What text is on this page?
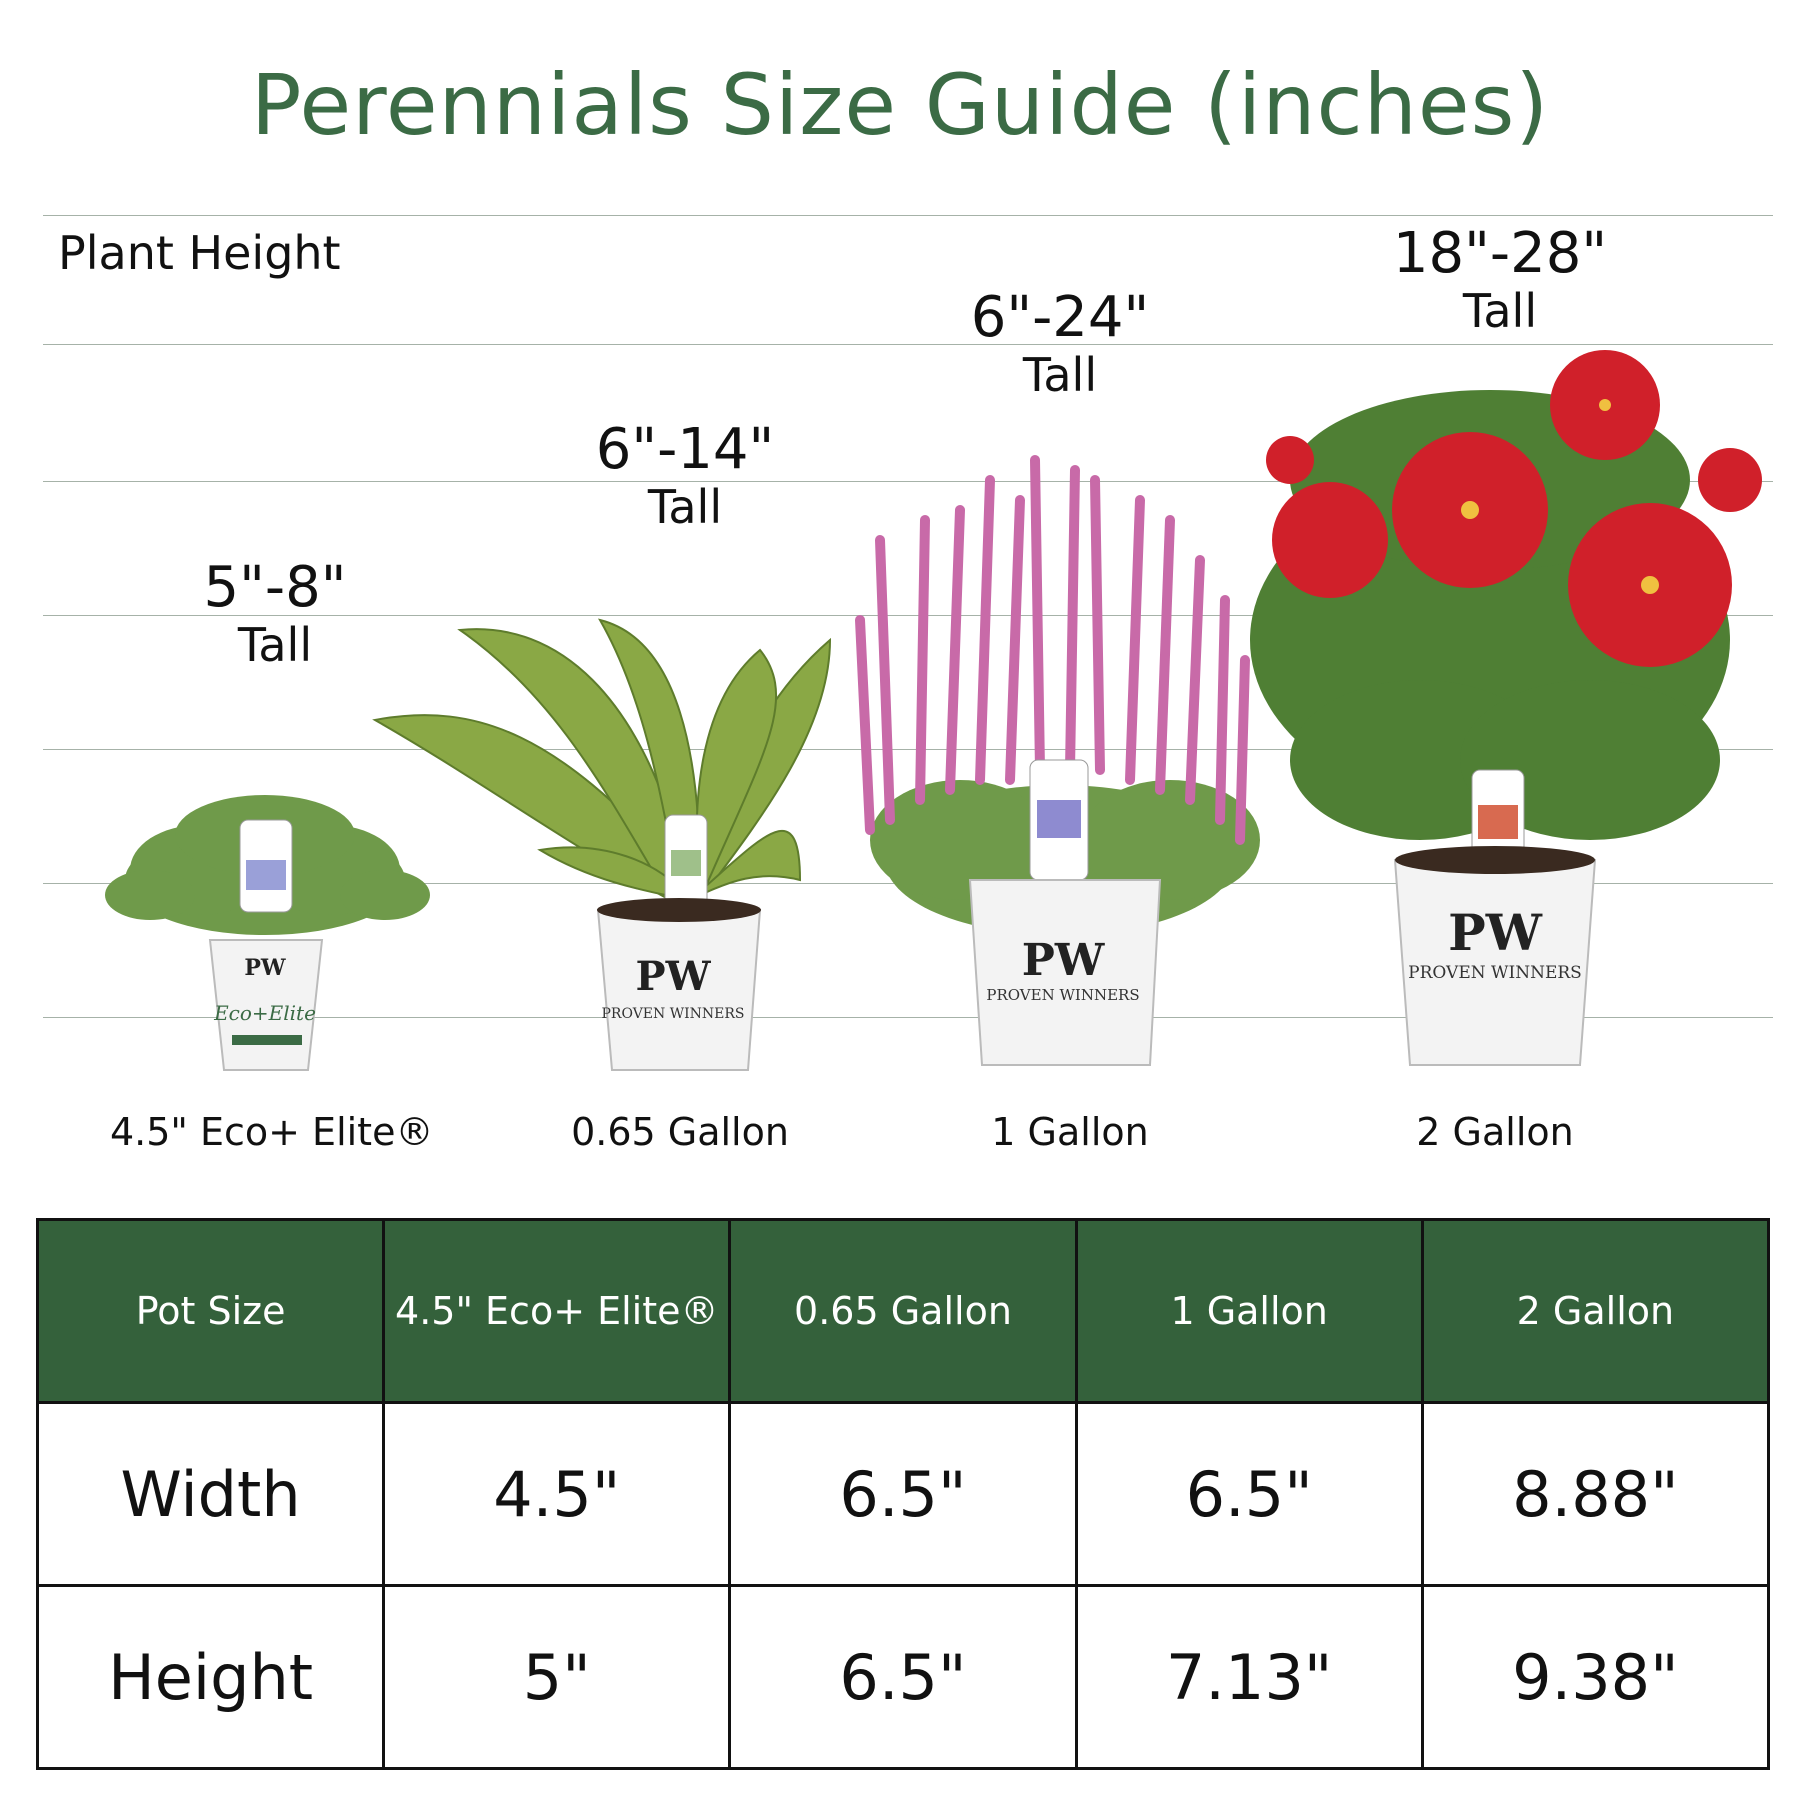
Perennials Size Guide (inches)
Plant Height
PW
Eco+Elite
PW
PROVEN WINNERS
PW
PROVEN WINNERS
PW
PROVEN WINNERS
5"-8"
Tall
6"-14"
Tall
6"-24"
Tall
18"-28"
Tall
4.5" Eco+ Elite®	0.65 Gallon	1 Gallon	2 Gallon
Pot Size	4.5" Eco+ Elite®	0.65 Gallon	1 Gallon	2 Gallon
Width	4.5"	6.5"	6.5"	8.88"
Height	5"	6.5"	7.13"	9.38"
